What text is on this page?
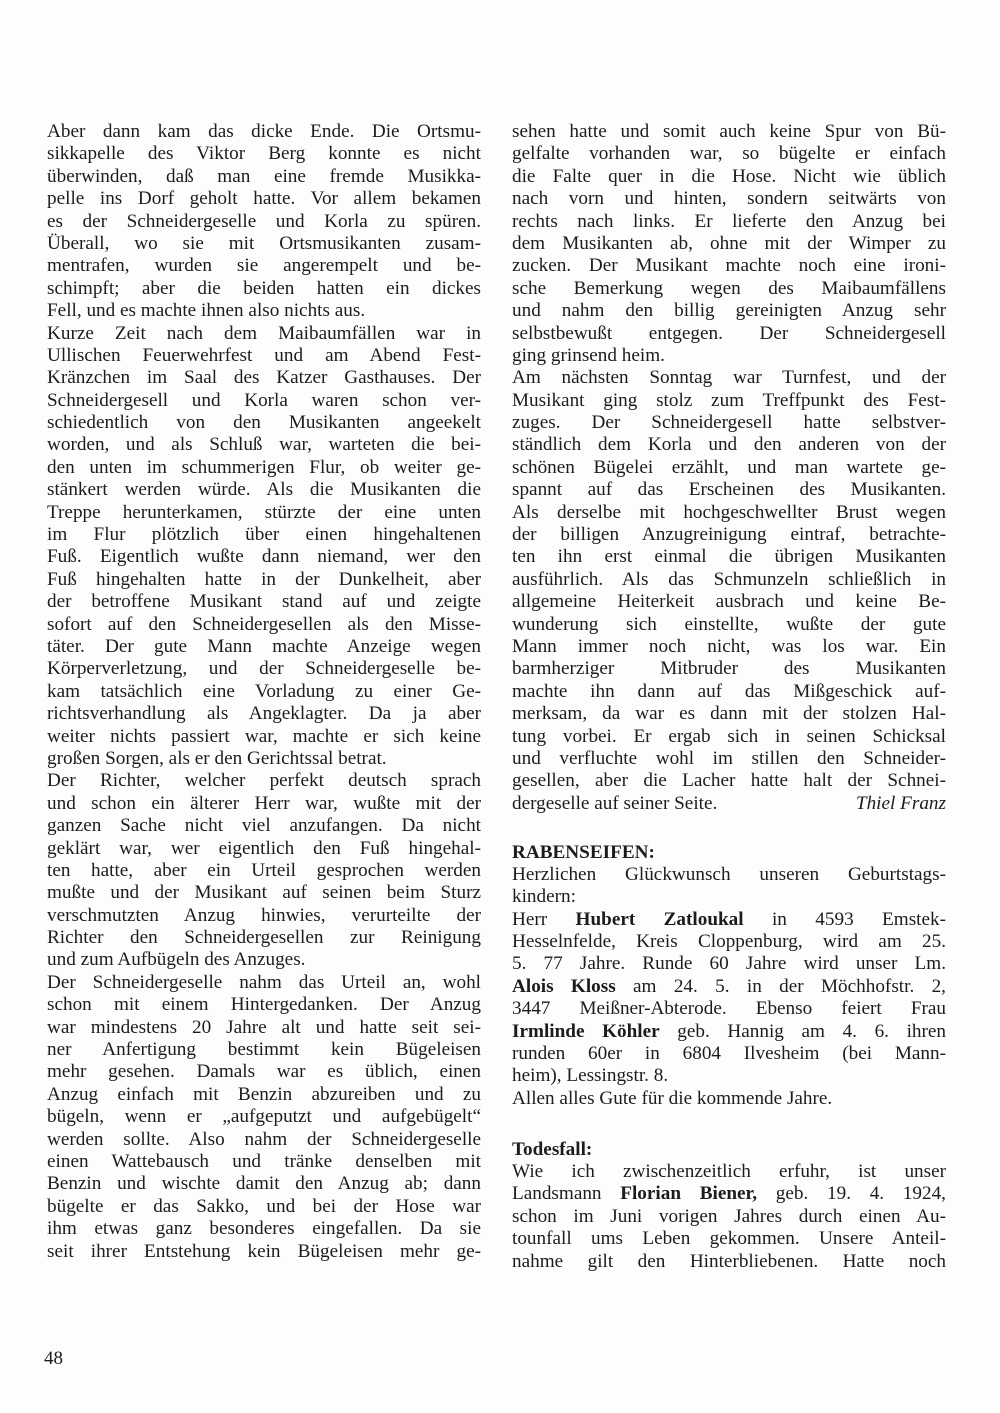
Aber dann kam das dicke Ende. Die Ortsmu-
sikkapelle des Viktor Berg konnte es nicht
überwinden, daß man eine fremde Musikka-
pelle ins Dorf geholt hatte. Vor allem bekamen
es der Schneidergeselle und Korla zu spüren.
Überall, wo sie mit Ortsmusikanten zusam-
mentrafen, wurden sie angerempelt und be-
schimpft; aber die beiden hatten ein dickes
Fell, und es machte ihnen also nichts aus.
Kurze Zeit nach dem Maibaumfällen war in
Ullischen Feuerwehrfest und am Abend Fest-
Kränzchen im Saal des Katzer Gasthauses. Der
Schneidergesell und Korla waren schon ver-
schiedentlich von den Musikanten angeekelt
worden, und als Schluß war, warteten die bei-
den unten im schummerigen Flur, ob weiter ge-
stänkert werden würde. Als die Musikanten die
Treppe herunterkamen, stürzte der eine unten
im Flur plötzlich über einen hingehaltenen
Fuß. Eigentlich wußte dann niemand, wer den
Fuß hingehalten hatte in der Dunkelheit, aber
der betroffene Musikant stand auf und zeigte
sofort auf den Schneidergesellen als den Misse-
täter. Der gute Mann machte Anzeige wegen
Körperverletzung, und der Schneidergeselle be-
kam tatsächlich eine Vorladung zu einer Ge-
richtsverhandlung als Angeklagter. Da ja aber
weiter nichts passiert war, machte er sich keine
großen Sorgen, als er den Gerichtssal betrat.
Der Richter, welcher perfekt deutsch sprach
und schon ein älterer Herr war, wußte mit der
ganzen Sache nicht viel anzufangen. Da nicht
geklärt war, wer eigentlich den Fuß hingehal-
ten hatte, aber ein Urteil gesprochen werden
mußte und der Musikant auf seinen beim Sturz
verschmutzten Anzug hinwies, verurteilte der
Richter den Schneidergesellen zur Reinigung
und zum Aufbügeln des Anzuges.
Der Schneidergeselle nahm das Urteil an, wohl
schon mit einem Hintergedanken. Der Anzug
war mindestens 20 Jahre alt und hatte seit sei-
ner Anfertigung bestimmt kein Bügeleisen
mehr gesehen. Damals war es üblich, einen
Anzug einfach mit Benzin abzureiben und zu
bügeln, wenn er „aufgeputzt und aufgebügelt“
werden sollte. Also nahm der Schneidergeselle
einen Wattebausch und tränke denselben mit
Benzin und wischte damit den Anzug ab; dann
bügelte er das Sakko, und bei der Hose war
ihm etwas ganz besonderes eingefallen. Da sie
seit ihrer Entstehung kein Bügeleisen mehr ge-
sehen hatte und somit auch keine Spur von Bü-
gelfalte vorhanden war, so bügelte er einfach
die Falte quer in die Hose. Nicht wie üblich
nach vorn und hinten, sondern seitwärts von
rechts nach links. Er lieferte den Anzug bei
dem Musikanten ab, ohne mit der Wimper zu
zucken. Der Musikant machte noch eine ironi-
sche Bemerkung wegen des Maibaumfällens
und nahm den billig gereinigten Anzug sehr
selbstbewußt entgegen. Der Schneidergesell
ging grinsend heim.
Am nächsten Sonntag war Turnfest, und der
Musikant ging stolz zum Treffpunkt des Fest-
zuges. Der Schneidergesell hatte selbstver-
ständlich dem Korla und den anderen von der
schönen Bügelei erzählt, und man wartete ge-
spannt auf das Erscheinen des Musikanten.
Als derselbe mit hochgeschwellter Brust wegen
der billigen Anzugreinigung eintraf, betrachte-
ten ihn erst einmal die übrigen Musikanten
ausführlich. Als das Schmunzeln schließlich in
allgemeine Heiterkeit ausbrach und keine Be-
wunderung sich einstellte, wußte der gute
Mann immer noch nicht, was los war. Ein
barmherziger Mitbruder des Musikanten
machte ihn dann auf das Mißgeschick auf-
merksam, da war es dann mit der stolzen Hal-
tung vorbei. Er ergab sich in seinen Schicksal
und verfluchte wohl im stillen den Schneider-
gesellen, aber die Lacher hatte halt der Schnei-
dergeselle auf seiner Seite.	Thiel Franz
RABENSEIFEN:
Herzlichen Glückwunsch unseren Geburtstags-
kindern:
Herr Hubert Zatloukal in 4593 Emstek-
Hesselnfelde, Kreis Cloppenburg, wird am 25.
5. 77 Jahre. Runde 60 Jahre wird unser Lm.
Alois Kloss am 24. 5. in der Möchhofstr. 2,
3447 Meißner-Abterode. Ebenso feiert Frau
Irmlinde Köhler geb. Hannig am 4. 6. ihren
runden 60er in 6804 Ilvesheim (bei Mann-
heim), Lessingstr. 8.
Allen alles Gute für die kommende Jahre.
Todesfall:
Wie ich zwischenzeitlich erfuhr, ist unser
Landsmann Florian Biener, geb. 19. 4. 1924,
schon im Juni vorigen Jahres durch einen Au-
tounfall ums Leben gekommen. Unsere Anteil-
nahme gilt den Hinterbliebenen. Hatte noch
48
